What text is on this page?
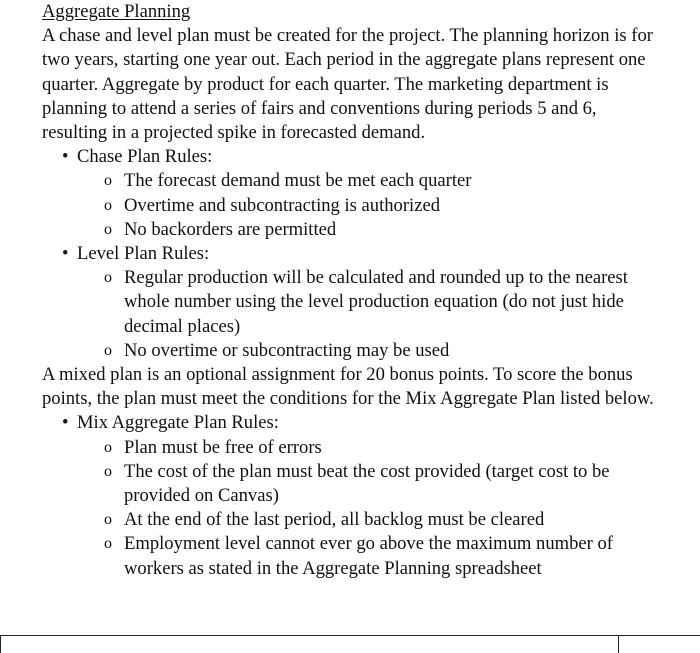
Aggregate Planning

A chase and level plan must be created for the project. The planning horizon is for two years, starting one year out. Each period in the aggregate plans represent one quarter. Aggregate by product for each quarter. The marketing department is planning to attend a series of fairs and conventions during periods 5 and 6, resulting in a projected spike in forecasted demand.

• Chase Plan Rules:
o The forecast demand must be met each quarter
o Overtime and subcontracting is authorized
o No backorders are permitted
• Level Plan Rules:
o Regular production will be calculated and rounded up to the nearest whole number using the level production equation (do not just hide decimal places)
o No overtime or subcontracting may be used

A mixed plan is an optional assignment for 20 bonus points. To score the bonus points, the plan must meet the conditions for the Mix Aggregate Plan listed below.

• Mix Aggregate Plan Rules:
o Plan must be free of errors
o The cost of the plan must beat the cost provided (target cost to be provided on Canvas)
o At the end of the last period, all backlog must be cleared
o Employment level cannot ever go above the maximum number of workers as stated in the Aggregate Planning spreadsheet
